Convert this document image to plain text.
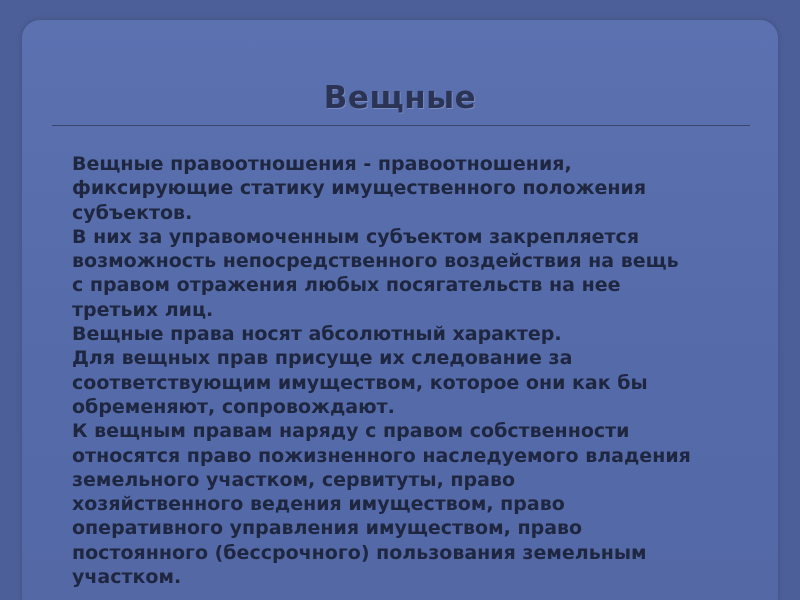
Вещные

Вещные правоотношения - правоотношения,
фиксирующие статику имущественного положения
субъектов.

В них за управомоченным субъектом закрепляется
возможность непосредственного воздействия на вещь
с правом отражения любых посягательств на нее
третьих лиц.

Вещные права носят абсолютный характер.

Для вещных прав присуще их следование за
соответствующим имуществом, которое они как бы
обременяют, сопровождают.

К вещным правам наряду с правом собственности
относятся право пожизненного наследуемого владения
земельного участком, сервитуты, право
хозяйственного ведения имуществом, право
оперативного управления имуществом, право
постоянного (бессрочного) пользования земельным
участком.
